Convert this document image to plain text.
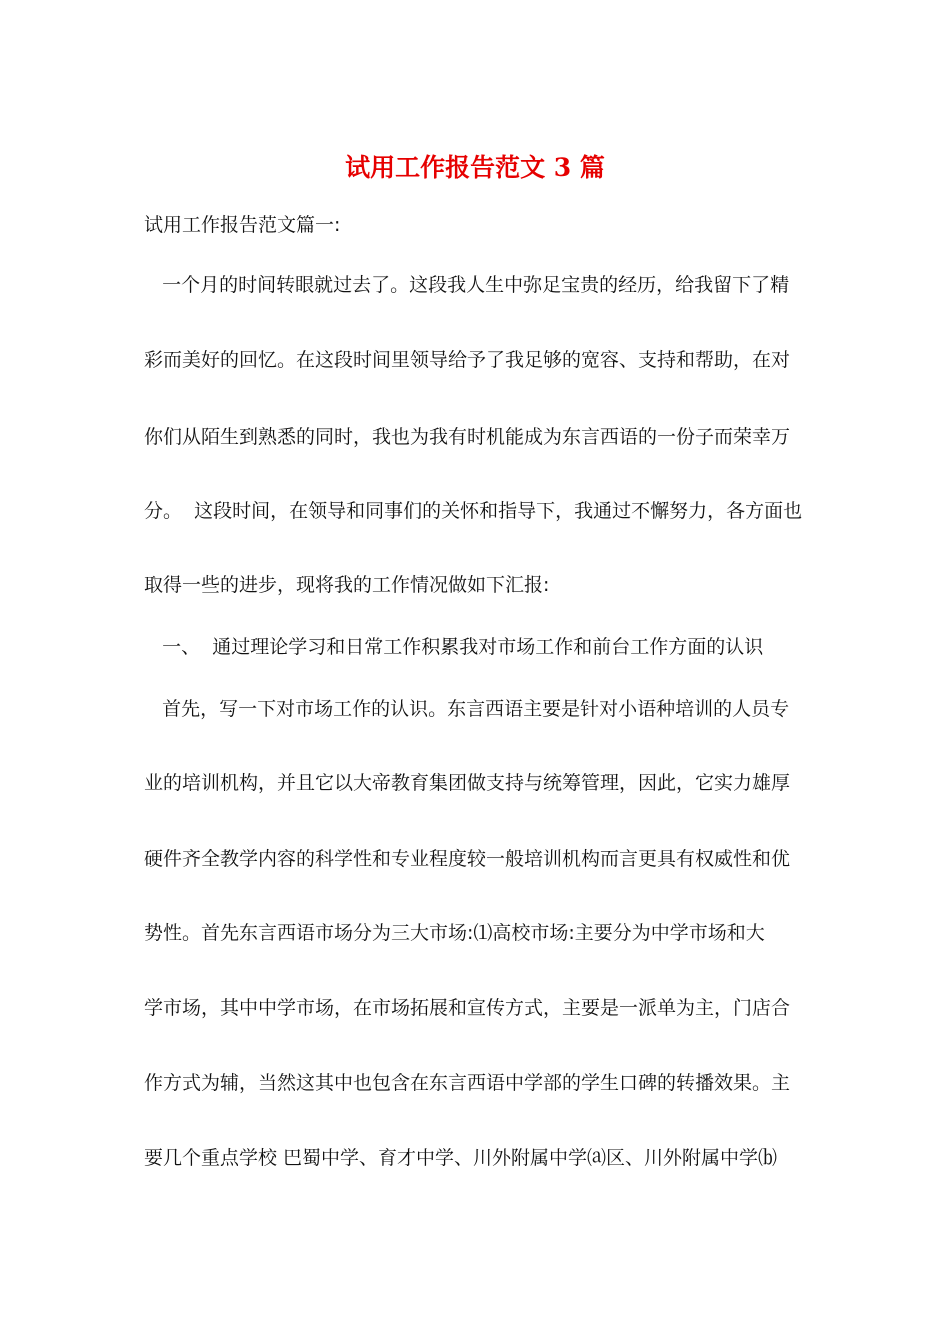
试用工作报告范文 3 篇
试用工作报告范文篇一:
一个月的时间转眼就过去了。这段我人生中弥足宝贵的经历，给我留下了精
彩而美好的回忆。在这段时间里领导给予了我足够的宽容、支持和帮助，在对
你们从陌生到熟悉的同时，我也为我有时机能成为东言西语的一份子而荣幸万
分。  这段时间，在领导和同事们的关怀和指导下，我通过不懈努力，各方面也
取得一些的进步，现将我的工作情况做如下汇报:
一、  通过理论学习和日常工作积累我对市场工作和前台工作方面的认识
首先，写一下对市场工作的认识。东言西语主要是针对小语种培训的人员专
业的培训机构，并且它以大帝教育集团做支持与统筹管理，因此，它实力雄厚
硬件齐全教学内容的科学性和专业程度较一般培训机构而言更具有权威性和优
势性。首先东言西语市场分为三大市场:⑴高校市场:主要分为中学市场和大
学市场，其中中学市场，在市场拓展和宣传方式，主要是一派单为主，门店合
作方式为辅，当然这其中也包含在东言西语中学部的学生口碑的转播效果。主
要几个重点学校 巴蜀中学、育才中学、川外附属中学⒜区、川外附属中学⒝
